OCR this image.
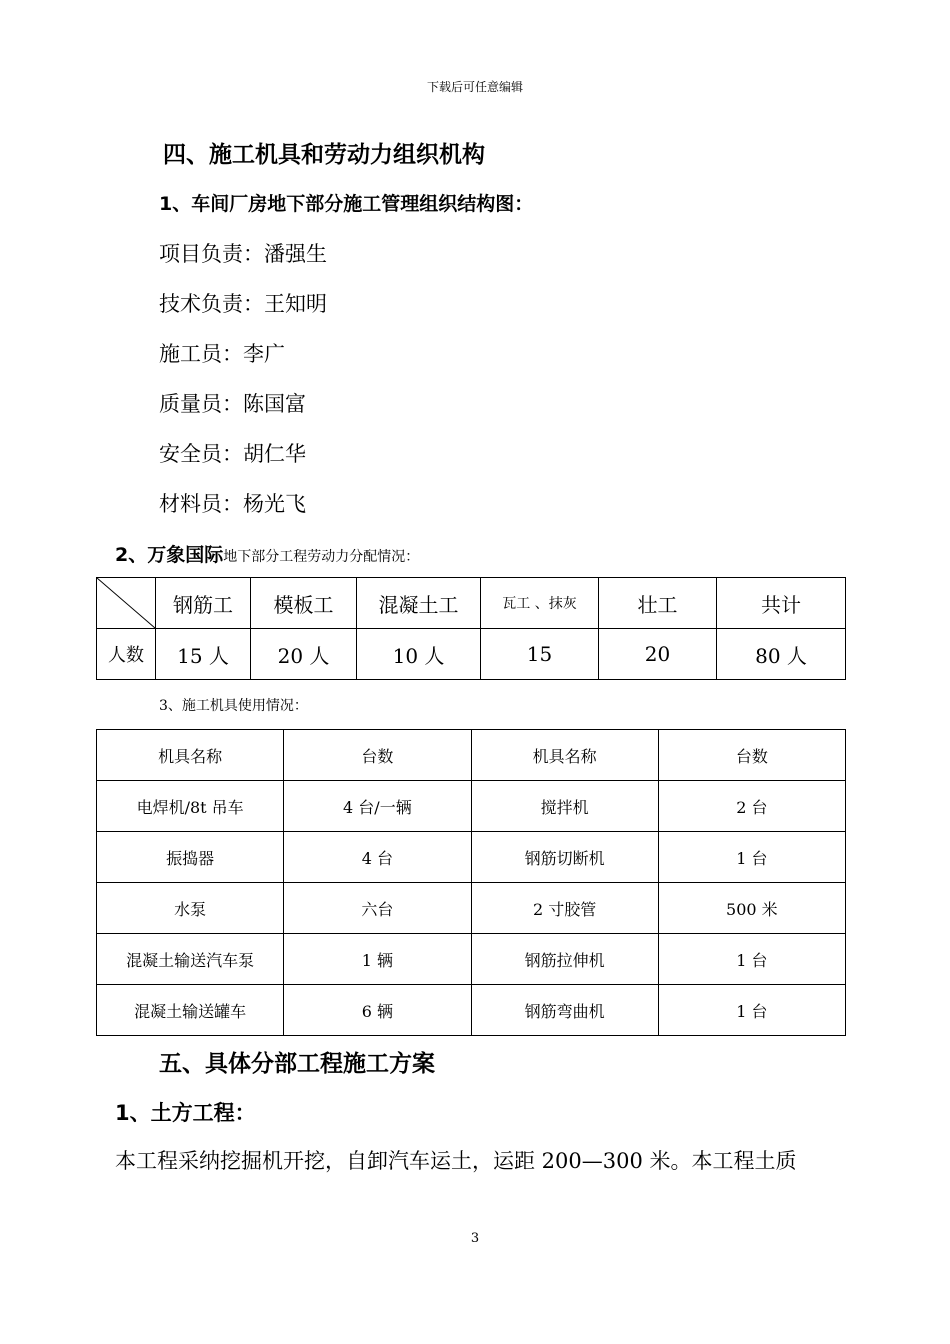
下载后可任意编辑
四、施工机具和劳动力组织机构
1、车间厂房地下部分施工管理组织结构图：
项目负责：潘强生
技术负责：王知明
施工员：李广
质量员：陈国富
安全员：胡仁华
材料员：杨光飞
2、万象国际地下部分工程劳动力分配情况：
	钢筋工	模板工	混凝土工	瓦工 、抹灰	壮工	共计
人数	15 人	20 人	10 人	15	20	80 人
3、施工机具使用情况：
机具名称	台数	机具名称	台数
电焊机/8t 吊车	4 台/一辆	搅拌机	2 台
振捣器	4 台	钢筋切断机	1 台
水泵	六台	2 寸胶管	500 米
混凝土输送汽车泵	1 辆	钢筋拉伸机	1 台
混凝土输送罐车	6 辆	钢筋弯曲机	1 台
五、具体分部工程施工方案
1、土方工程：
本工程采纳挖掘机开挖，自卸汽车运土，运距 200—300 米。本工程土质
3
